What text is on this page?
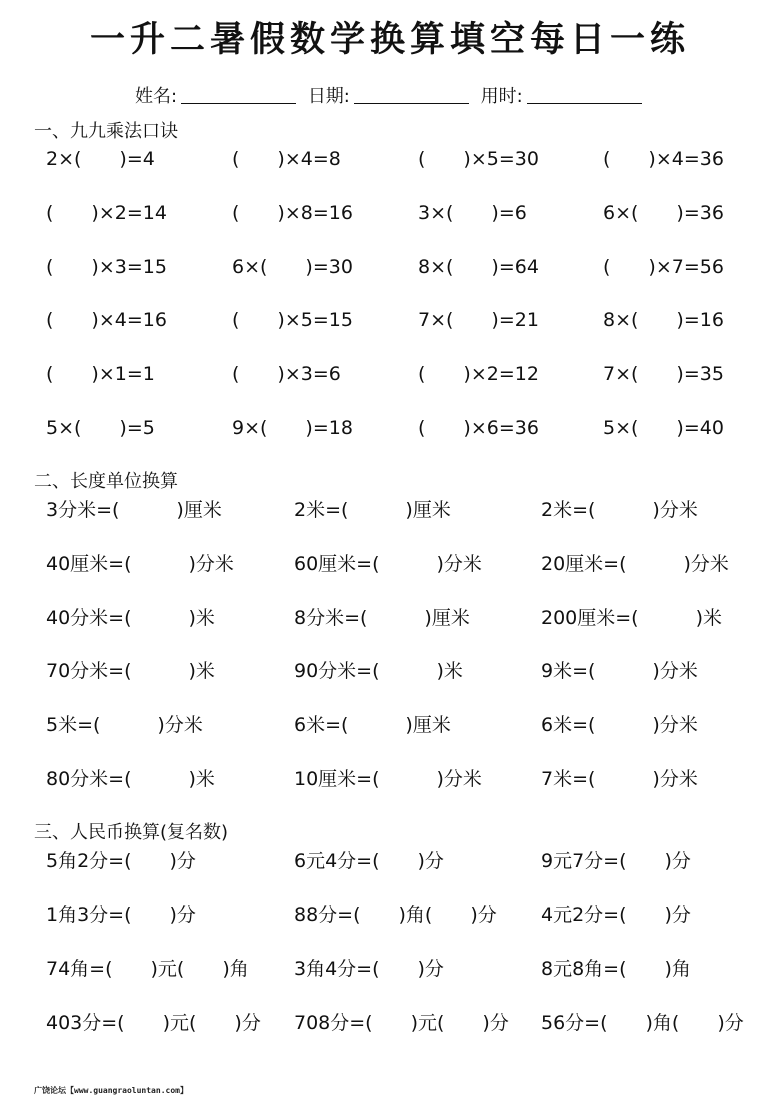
一升二暑假数学换算填空每日一练
姓名:	日期:	用时:
一、九九乘法口诀
2×(　　)=4	(　　)×4=8	(　　)×5=30	(　　)×4=36
(　　)×2=14	(　　)×8=16	3×(　　)=6	6×(　　)=36
(　　)×3=15	6×(　　)=30	8×(　　)=64	(　　)×7=56
(　　)×4=16	(　　)×5=15	7×(　　)=21	8×(　　)=16
(　　)×1=1	(　　)×3=6	(　　)×2=12	7×(　　)=35
5×(　　)=5	9×(　　)=18	(　　)×6=36	5×(　　)=40
二、长度单位换算
3分米=(　　　)厘米	2米=(　　　)厘米	2米=(　　　)分米
40厘米=(　　　)分米	60厘米=(　　　)分米	20厘米=(　　　)分米
40分米=(　　　)米	8分米=(　　　)厘米	200厘米=(　　　)米
70分米=(　　　)米	90分米=(　　　)米	9米=(　　　)分米
5米=(　　　)分米	6米=(　　　)厘米	6米=(　　　)分米
80分米=(　　　)米	10厘米=(　　　)分米	7米=(　　　)分米
三、人民币换算(复名数)
5角2分=(　　)分	6元4分=(　　)分	9元7分=(　　)分
1角3分=(　　)分	88分=(　　)角(　　)分 4元2分=(　　)分
74角=(　　)元(　　)角 3角4分=(　　)分	8元8角=(　　)角
403分=(　　)元(　　)分 708分=(　　)元(　　)分 56分=(　　)角(　　)分
广饶论坛【www.guangraoluntan.com】
